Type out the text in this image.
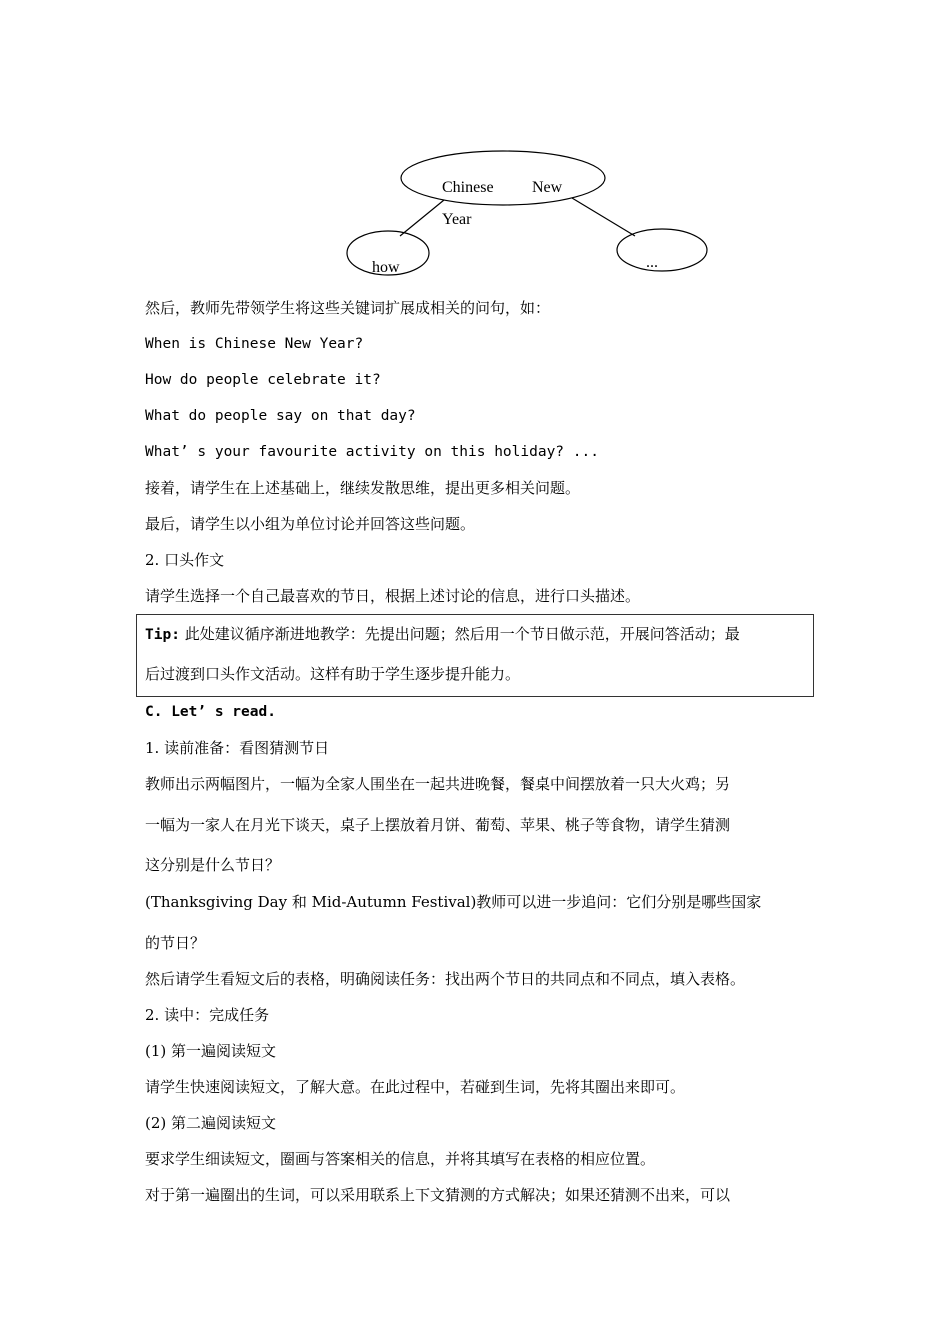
Chinese New
Year
how	...
然后，教师先带领学生将这些关键词扩展成相关的问句，如：
When is Chinese New Year?
How do people celebrate it?
What do people say on that day?
What’ s your favourite activity on this holiday? ...
接着，请学生在上述基础上，继续发散思维，提出更多相关问题。
最后，请学生以小组为单位讨论并回答这些问题。
2. 口头作文
请学生选择一个自己最喜欢的节日，根据上述讨论的信息，进行口头描述。
Tip: 此处建议循序渐进地教学：先提出问题；然后用一个节日做示范，开展问答活动；最
后过渡到口头作文活动。这样有助于学生逐步提升能力。
C. Let’ s read.
1. 读前准备：看图猜测节日
教师出示两幅图片，一幅为全家人围坐在一起共进晚餐，餐桌中间摆放着一只大火鸡；另
一幅为一家人在月光下谈天，桌子上摆放着月饼、葡萄、苹果、桃子等食物，请学生猜测
这分别是什么节日？
(Thanksgiving Day 和 Mid-Autumn Festival)教师可以进一步追问：它们分别是哪些国家
的节日？
然后请学生看短文后的表格，明确阅读任务：找出两个节日的共同点和不同点，填入表格。
2. 读中：完成任务
(1) 第一遍阅读短文
请学生快速阅读短文，了解大意。在此过程中，若碰到生词，先将其圈出来即可。
(2) 第二遍阅读短文
要求学生细读短文，圈画与答案相关的信息，并将其填写在表格的相应位置。
对于第一遍圈出的生词，可以采用联系上下文猜测的方式解决；如果还猜测不出来，可以
